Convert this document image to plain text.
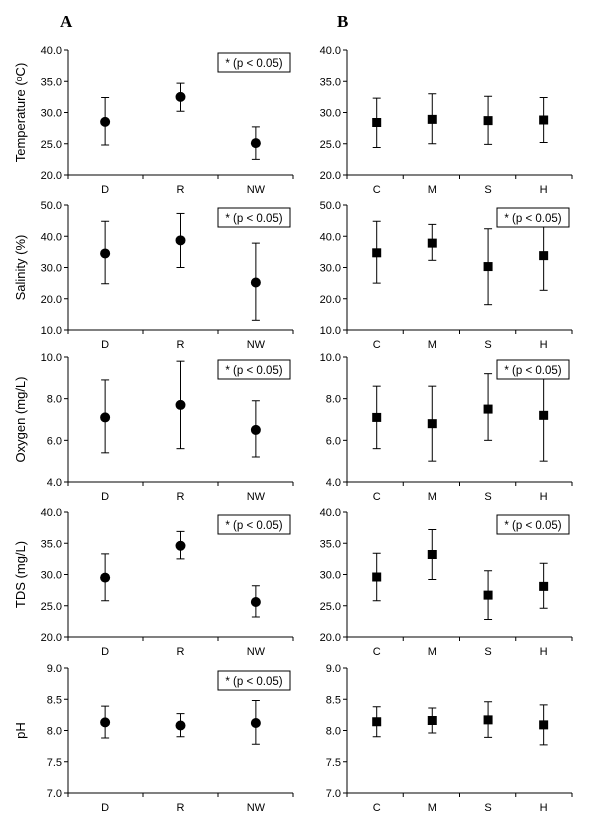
A	B
20.0
25.0
30.0
35.0
40.0
D	R	NW
Temperature (ᵒC)	* (p < 0.05)
20.0
25.0
30.0
35.0
40.0
C	M	S	H
10.0
20.0
30.0
40.0
50.0
D	R	NW
Salinity (%)
* (p < 0.05)
10.0
20.0
30.0
40.0
50.0
C	M	S	H
* (p < 0.05)
4.0
6.0
8.0
10.0
D	R	NW
Oxygen (mg/L)
* (p < 0.05)
4.0
6.0
8.0
10.0
C	M	S	H
* (p < 0.05)
20.0
25.0
30.0
35.0
40.0
D	R	NW
TDS (mg/L)
* (p < 0.05)
20.0
25.0
30.0
35.0
40.0
C	M	S	H
* (p < 0.05)
7.0
7.5
8.0
8.5
9.0
D	R	NW
pH
* (p < 0.05)
7.0
7.5
8.0
8.5
9.0
C	M	S	H
